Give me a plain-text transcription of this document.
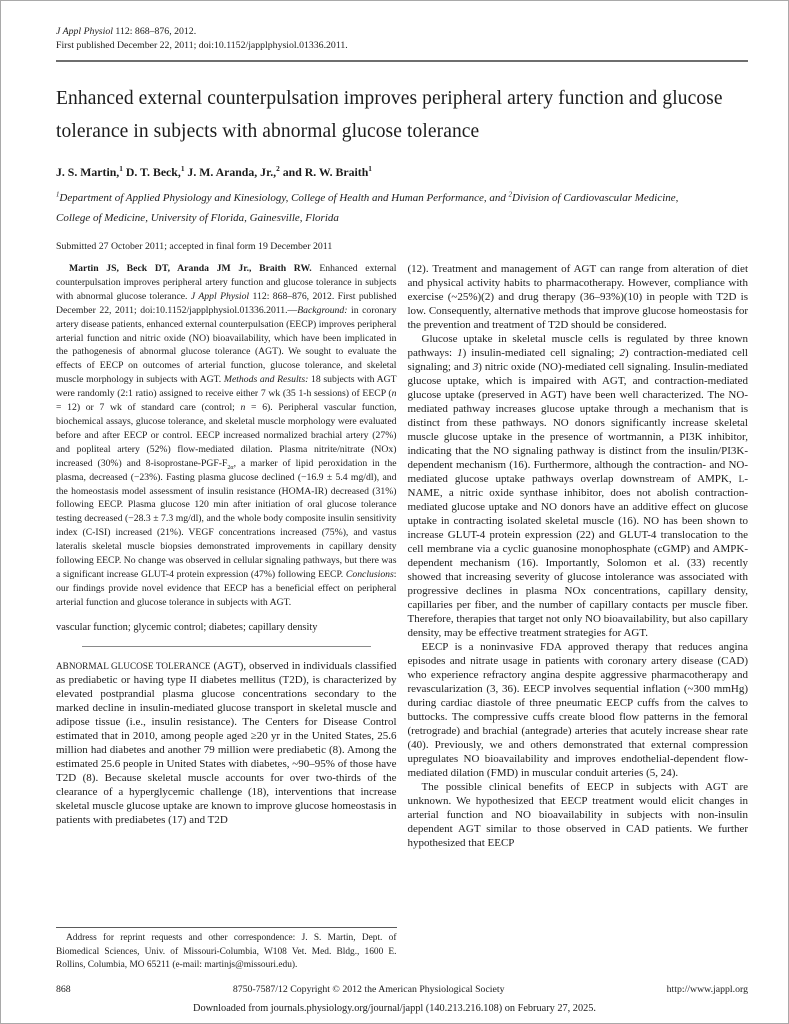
J Appl Physiol 112: 868–876, 2012.
First published December 22, 2011; doi:10.1152/japplphysiol.01336.2011.
Enhanced external counterpulsation improves peripheral artery function and glucose tolerance in subjects with abnormal glucose tolerance
J. S. Martin,$^1$ D. T. Beck,$^1$ J. M. Aranda, Jr.,$^2$ and R. W. Braith$^1$
$^1$Department of Applied Physiology and Kinesiology, College of Health and Human Performance, and $^2$Division of Cardiovascular Medicine, College of Medicine, University of Florida, Gainesville, Florida
Submitted 27 October 2011; accepted in final form 19 December 2011

Martin JS, Beck DT, Aranda JM Jr., Braith RW. Enhanced external counterpulsation improves peripheral artery function and glucose tolerance in subjects with abnormal glucose tolerance. J Appl Physiol 112: 868–876, 2012. First published December 22, 2011; doi:10.1152/japplphysiol.01336.2011.—Background: in coronary artery disease patients, enhanced external counterpulsation (EECP) improves peripheral arterial function and nitric oxide (NO) bioavailability, which have been implicated in the pathogenesis of abnormal glucose tolerance (AGT). We sought to evaluate the effects of EECP on outcomes of arterial function, glucose tolerance, and skeletal muscle morphology in subjects with AGT. Methods and Results: 18 subjects with AGT were randomly (2:1 ratio) assigned to receive either 7 wk (35 1-h sessions) of EECP (n = 12) or 7 wk of standard care (control; n = 6). Peripheral vascular function, biochemical assays, glucose tolerance, and skeletal muscle morphology were evaluated before and after EECP or control. EECP increased normalized brachial artery (27%) and popliteal artery (52%) flow-mediated dilation. Plasma nitrite/nitrate (NOx) increased (30%) and $8-isoprostane-PGF-F_{2\alpha}$, a marker of lipid peroxidation in the plasma, decreased (−23%). Fasting plasma glucose declined (−16.9 ± 5.4 mg/dl), and the homeostasis model assessment of insulin resistance (HOMA-IR) decreased (31%) following EECP. Plasma glucose 120 min after initiation of oral glucose tolerance testing decreased (−28.3 ± 7.3 mg/dl), and the whole body composite insulin sensitivity index (C-ISI) increased (21%). VEGF concentrations increased (75%), and vastus lateralis skeletal muscle biopsies demonstrated improvements in capillary density following EECP. No change was observed in cellular signaling pathways, but there was a significant increase GLUT-4 protein expression (47%) following EECP. Conclusions: our findings provide novel evidence that EECP has a beneficial effect on peripheral arterial function and glucose tolerance in subjects with AGT.

vascular function; glycemic control; diabetes; capillary density

ABNORMAL GLUCOSE TOLERANCE (AGT), observed in individuals classified as prediabetic or having type II diabetes mellitus (T2D), is characterized by elevated postprandial plasma glucose concentrations secondary to the marked decline in insulin-mediated glucose transport in skeletal muscle and adipose tissue (i.e., insulin resistance). The Centers for Disease Control estimated that in 2010, among people aged ≥20 yr in the United States, 25.6 million had diabetes and another 79 million were prediabetic (8). Among the estimated 25.6 people in United States with diabetes, ~90–95% of those have T2D (8). Because skeletal muscle accounts for over two-thirds of the clearance of a hyperglycemic challenge (18), interventions that increase skeletal muscle glucose uptake are known to improve glucose homeostasis in patients with prediabetes (17) and T2D

Address for reprint requests and other correspondence: J. S. Martin, Dept. of Biomedical Sciences, Univ. of Missouri-Columbia, W108 Vet. Med. Bldg., 1600 E. Rollins, Columbia, MO 65211 (e-mail: martinjs@missouri.edu).

(12). Treatment and management of AGT can range from alteration of diet and physical activity habits to pharmacotherapy. However, compliance with exercise (~25%)(2) and drug therapy (36–93%)(10) in people with T2D is low. Consequently, alternative methods that improve glucose homeostasis for the prevention and treatment of T2D should be considered.

Glucose uptake in skeletal muscle cells is regulated by three known pathways: 1) insulin-mediated cell signaling; 2) contraction-mediated cell signaling; and 3) nitric oxide (NO)-mediated cell signaling. Insulin-mediated glucose uptake, which is impaired with AGT, and contraction-mediated glucose uptake (preserved in AGT) have been well characterized. The NO-mediated pathway increases glucose uptake through a mechanism that is distinct from these pathways. NO donors significantly increase skeletal muscle glucose uptake in the presence of wortmannin, a PI3K inhibitor, indicating that the NO signaling pathway is distinct from the insulin/PI3K-dependent mechanism (16). Furthermore, although the contraction- and NO-mediated glucose uptake pathways overlap downstream of AMPK, L-NAME, a nitric oxide synthase inhibitor, does not abolish contraction-mediated glucose uptake and NO donors have an additive effect on glucose uptake in contracting isolated skeletal muscle (16). NO has been shown to increase GLUT-4 protein expression (22) and GLUT-4 translocation to the cell membrane via a cyclic guanosine monophosphate (cGMP) and AMPK-dependent mechanism (16). Importantly, Solomon et al. (33) recently showed that increasing severity of glucose intolerance was associated with progressive declines in plasma NOx concentrations, capillary density, capillaries per fiber, and the number of capillary contacts per muscle fiber. Therefore, therapies that target not only NO bioavailability, but also capillary density, may be effective treatment strategies for AGT.

EECP is a noninvasive FDA approved therapy that reduces angina episodes and nitrate usage in patients with coronary artery disease (CAD) who experience refractory angina despite aggressive pharmacotherapy and revascularization (3, 36). EECP involves sequential inflation (~300 mmHg) during cardiac diastole of three pneumatic EECP cuffs from the calves to buttocks. The compressive cuffs create blood flow patterns in the femoral (retrograde) and brachial (antegrade) arteries that acutely increase shear rate (40). Previously, we and others demonstrated that external compression upregulates NO bioavailability and improves endothelial-dependent flow-mediated dilation (FMD) in muscular conduit arteries (5, 24).

The possible clinical benefits of EECP in subjects with AGT are unknown. We hypothesized that EECP treatment would elicit changes in arterial function and NO bioavailability in subjects with non-insulin dependent AGT similar to those observed in CAD patients. We further hypothesized that EECP

868	8750-7587/12 Copyright © 2012 the American Physiological Society	http://www.jappl.org
Downloaded from journals.physiology.org/journal/jappl (140.213.216.108) on February 27, 2025.
